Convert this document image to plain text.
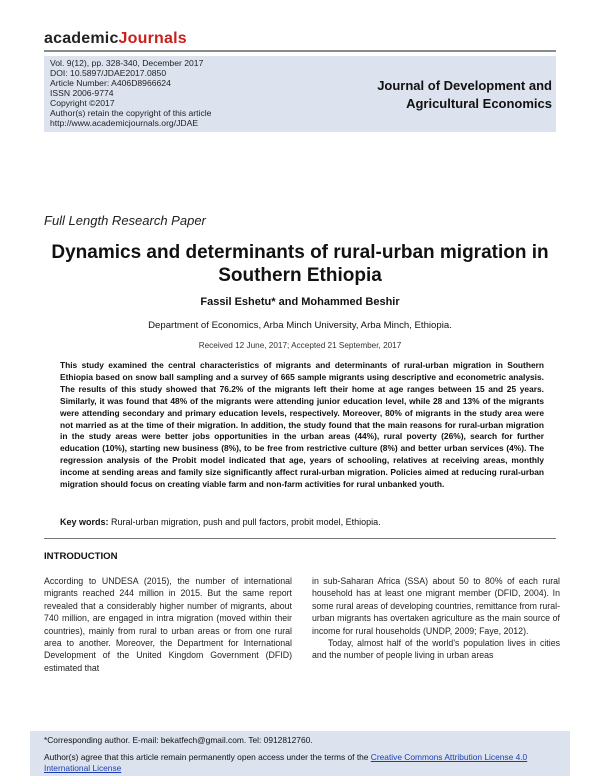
academicJournals
Vol. 9(12), pp. 328-340, December 2017
DOI: 10.5897/JDAE2017.0850
Article Number: A406D8966624
ISSN 2006-9774
Copyright ©2017
Author(s) retain the copyright of this article
http://www.academicjournals.org/JDAE
Journal of Development and Agricultural Economics
Full Length Research Paper
Dynamics and determinants of rural-urban migration in Southern Ethiopia
Fassil Eshetu* and Mohammed Beshir
Department of Economics, Arba Minch University, Arba Minch, Ethiopia.
Received 12 June, 2017; Accepted 21 September, 2017
This study examined the central characteristics of migrants and determinants of rural-urban migration in Southern Ethiopia based on snow ball sampling and a survey of 665 sample migrants using descriptive and econometric analysis. The results of this study showed that 76.2% of the migrants left their home at age ranges between 15 and 25 years. Similarly, it was found that 48% of the migrants were attending junior education level, while 28 and 13% of the migrants were attending secondary and primary education levels, respectively. Moreover, 80% of migrants in the study area were not married as at the time of their migration. In addition, the study found that the main reasons for rural-urban migration in the study areas were better jobs opportunities in the urban areas (44%), rural poverty (26%), search for further education (10%), starting new business (8%), to be free from restrictive culture (8%) and better urban services (4%). The regression analysis of the Probit model indicated that age, years of schooling, relatives at receiving areas, monthly income at sending areas and family size significantly affect rural-urban migration. Policies aimed at reducing rural-urban migration should focus on creating viable farm and non-farm activities for rural unbanked youth.
Key words: Rural-urban migration, push and pull factors, probit model, Ethiopia.
INTRODUCTION

According to UNDESA (2015), the number of international migrants reached 244 million in 2015. But the same report revealed that a considerably higher number of migrants, about 740 million, are engaged in intra migration (moved within their countries), mainly from rural to urban areas or from one rural area to another. Moreover, the Department for International Development of the United Kingdom Government (DFID) estimated that

in sub-Saharan Africa (SSA) about 50 to 80% of each rural household has at least one migrant member (DFID, 2004). In some rural areas of developing countries, remittance from rural-urban migrants has overtaken agriculture as the main source of income for rural households (UNDP, 2009; Faye, 2012).

Today, almost half of the world's population lives in cities and the number of people living in urban areas

*Corresponding author. E-mail: bekatfech@gmail.com. Tel: 0912812760.
Author(s) agree that this article remain permanently open access under the terms of the Creative Commons Attribution License 4.0 International License
